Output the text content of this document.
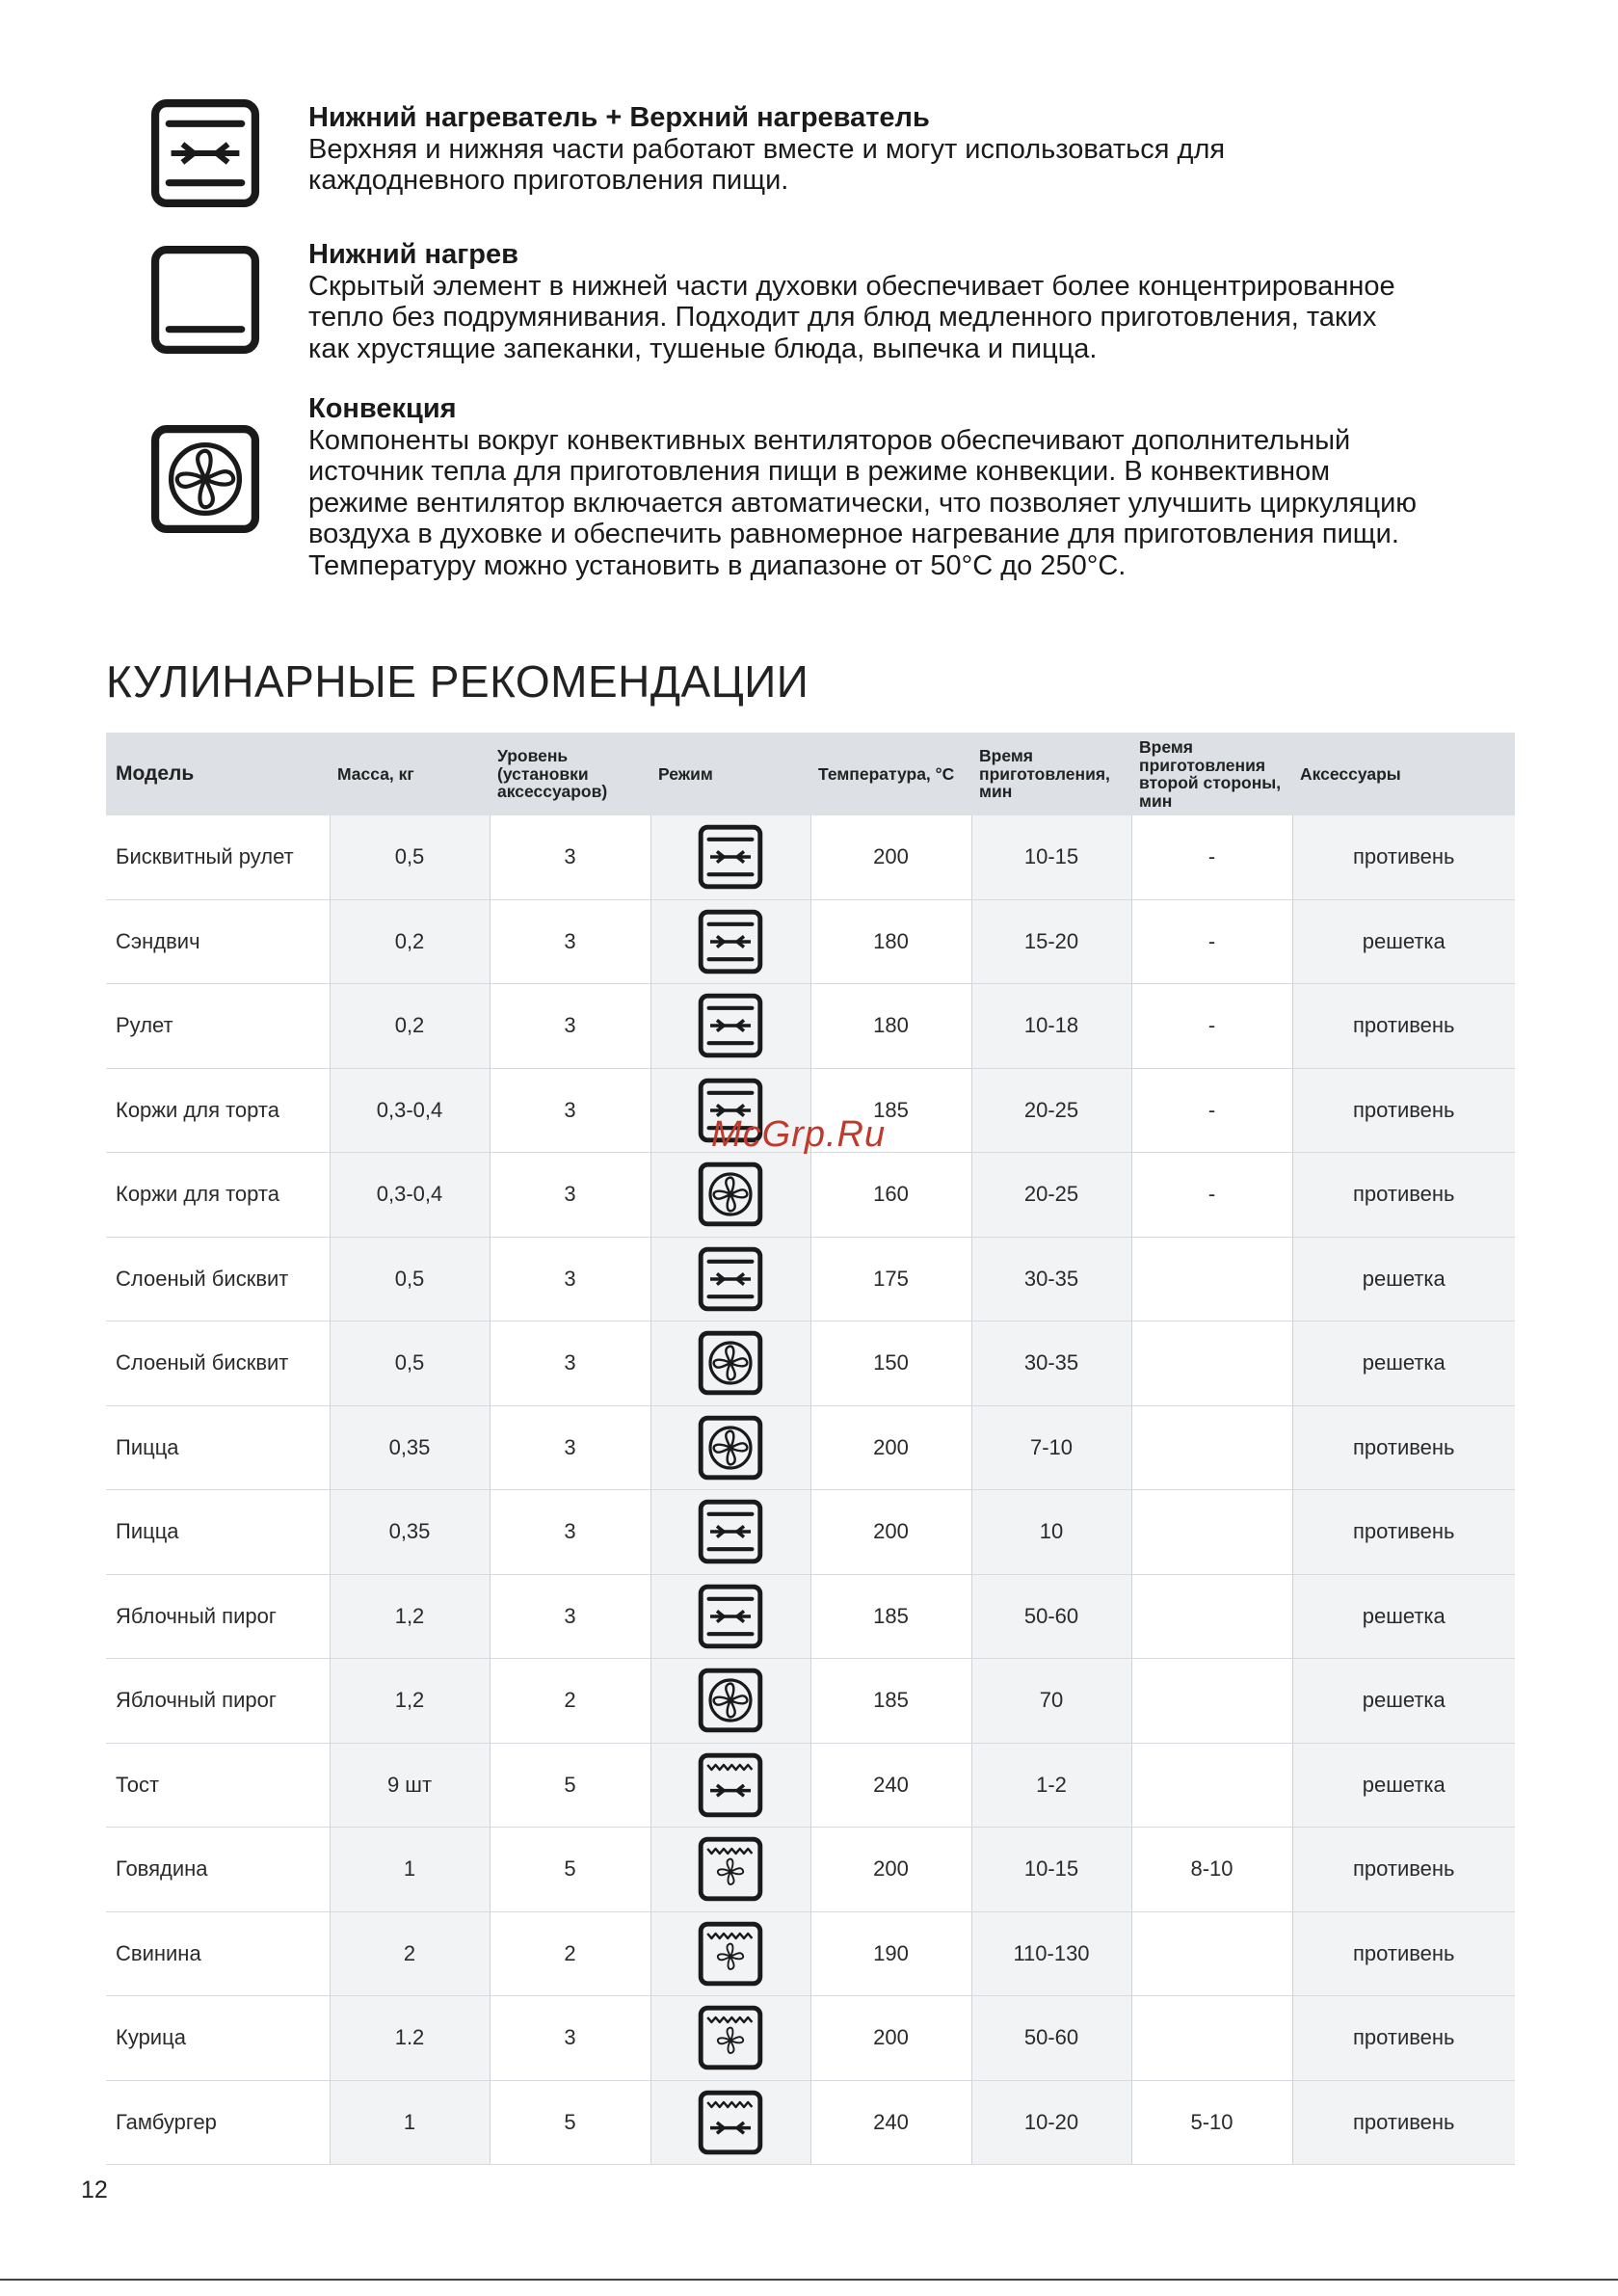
Нижний нагреватель + Верхний нагреватель
Верхняя и нижняя части работают вместе и могут использоваться для
каждодневного приготовления пищи.
Нижний нагрев
Скрытый элемент в нижней части духовки обеспечивает более концентрированное
тепло без подрумянивания. Подходит для блюд медленного приготовления, таких
как хрустящие запеканки, тушеные блюда, выпечка и пицца.
Конвекция
Компоненты вокруг конвективных вентиляторов обеспечивают дополнительный
источник тепла для приготовления пищи в режиме конвекции. В конвективном
режиме вентилятор включается автоматически, что позволяет улучшить циркуляцию
воздуха в духовке и обеспечить равномерное нагревание для приготовления пищи.
Температуру можно установить в диапазоне от 50°С до 250°С.
КУЛИНАРНЫЕ РЕКОМЕНДАЦИИ
Модель	Масса, кг	Уровень (установки аксессуаров)	Режим	Температура, °С	Время приготовления, мин	Время приготовления второй стороны, мин	Аксессуары
Бисквитный рулет	0,5	3		200	10-15	-	противень
Сэндвич	0,2	3		180	15-20	-	решетка
Рулет	0,2	3		180	10-18	-	противень
Коржи для торта	0,3-0,4	3		185	20-25	-	противень
Коржи для торта	0,3-0,4	3		160	20-25	-	противень
Слоеный бисквит	0,5	3		175	30-35		решетка
Слоеный бисквит	0,5	3		150	30-35		решетка
Пицца	0,35	3		200	7-10		противень
Пицца	0,35	3		200	10		противень
Яблочный пирог	1,2	3		185	50-60		решетка
Яблочный пирог	1,2	2		185	70		решетка
Тост	9 шт	5		240	1-2		решетка
Говядина	1	5		200	10-15	8-10	противень
Свинина	2	2		190	110-130		противень
Курица	1.2	3		200	50-60		противень
Гамбургер	1	5		240	10-20	5-10	противень
McGrp.Ru
12
